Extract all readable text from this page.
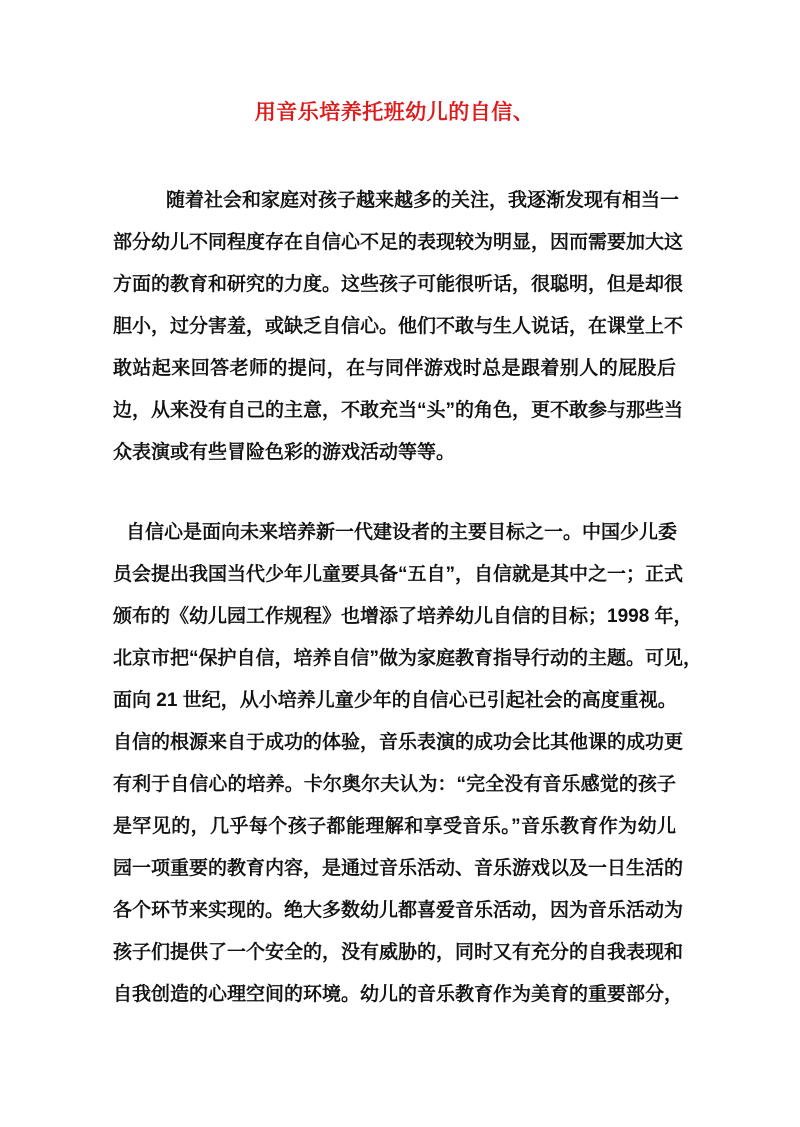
用音乐培养托班幼儿的自信、
随着社会和家庭对孩子越来越多的关注，我逐渐发现有相当一
部分幼儿不同程度存在自信心不足的表现较为明显，因而需要加大这
方面的教育和研究的力度。这些孩子可能很听话，很聪明，但是却很
胆小，过分害羞，或缺乏自信心。他们不敢与生人说话，在课堂上不
敢站起来回答老师的提问，在与同伴游戏时总是跟着别人的屁股后
边，从来没有自己的主意，不敢充当“头”的角色，更不敢参与那些当
众表演或有些冒险色彩的游戏活动等等。
自信心是面向未来培养新一代建设者的主要目标之一。中国少儿委
员会提出我国当代少年儿童要具备“五自”，自信就是其中之一；正式
颁布的《幼儿园工作规程》也增添了培养幼儿自信的目标；1998 年，
北京市把“保护自信，培养自信”做为家庭教育指导行动的主题。可见，
面向 21 世纪，从小培养儿童少年的自信心已引起社会的高度重视。
自信的根源来自于成功的体验，音乐表演的成功会比其他课的成功更
有利于自信心的培养。卡尔奥尔夫认为：“完全没有音乐感觉的孩子
是罕见的，几乎每个孩子都能理解和享受音乐。”音乐教育作为幼儿
园一项重要的教育内容，是通过音乐活动、音乐游戏以及一日生活的
各个环节来实现的。绝大多数幼儿都喜爱音乐活动，因为音乐活动为
孩子们提供了一个安全的，没有威胁的，同时又有充分的自我表现和
自我创造的心理空间的环境。幼儿的音乐教育作为美育的重要部分，
